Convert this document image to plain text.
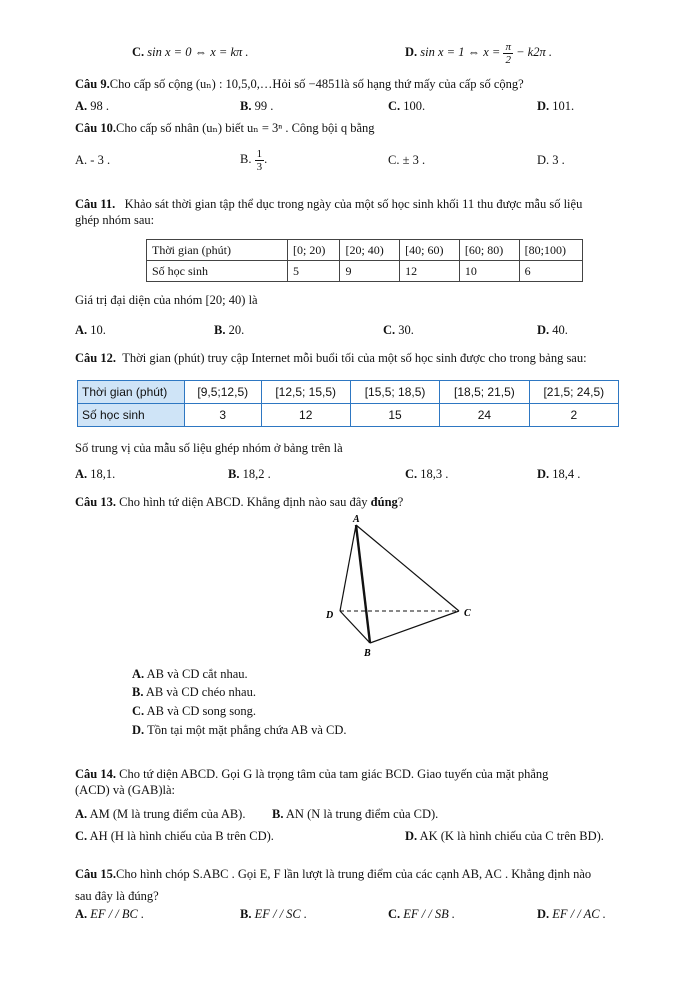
C. sin x = 0 ⇔ x = kπ .	D. sin x = 1 ⇔ $x = \frac{\pi}{2} - k2\pi$ .
Câu 9.Cho cấp số cộng (uₙ) : 10,5,0,…Hỏi số −4851là số hạng thứ mấy của cấp số cộng?
A. 98 .	B. 99 .	C. 100.	D. 101.
Câu 10.Cho cấp số nhân (uₙ) biết uₙ = 3ⁿ . Công bội q bằng
A. - 3 .	B. $\frac{1}{3}$ .	C. ± 3 .	D. 3 .
Câu 11. Khảo sát thời gian tập thể dục trong ngày của một số học sinh khối 11 thu được mẫu số liệu
ghép nhóm sau:
Thời gian (phút)	[0; 20)	[20; 40)	[40; 60)	[60; 80)	[80;100)
Số học sinh	5	9	12	10	6
Giá trị đại diện của nhóm [20; 40) là
A. 10.	B. 20.	C. 30.	D. 40.
Câu 12. Thời gian (phút) truy cập Internet mỗi buổi tối của một số học sinh được cho trong bảng sau:
Thời gian (phút)	[9,5;12,5)	[12,5; 15,5)	[15,5; 18,5)	[18,5; 21,5)	[21,5; 24,5)
Số học sinh	3	12	15	24	2
Số trung vị của mẫu số liệu ghép nhóm ở bảng trên là
A. 18,1.	B. 18,2 .	C. 18,3 .	D. 18,4 .
Câu 13. Cho hình tứ diện ABCD. Khẳng định nào sau đây đúng?
A
D	C
B
A. AB và CD cắt nhau.
B. AB và CD chéo nhau.
C. AB và CD song song.
D. Tồn tại một mặt phẳng chứa AB và CD.
Câu 14. Cho tứ diện ABCD. Gọi G là trọng tâm của tam giác BCD. Giao tuyến của mặt phẳng
(ACD) và (GAB)là:
A. AM (M là trung điểm của AB). B. AN (N là trung điểm của CD).
C. AH (H là hình chiếu của B trên CD).	D. AK (K là hình chiếu của C trên BD).
Câu 15.Cho hình chóp S.ABC . Gọi E, F lần lượt là trung điểm của các cạnh AB, AC . Khẳng định nào
sau đây là đúng?
A. EF / / BC .	B. EF / / SC .	C. EF / / SB .	D. EF / / AC .
